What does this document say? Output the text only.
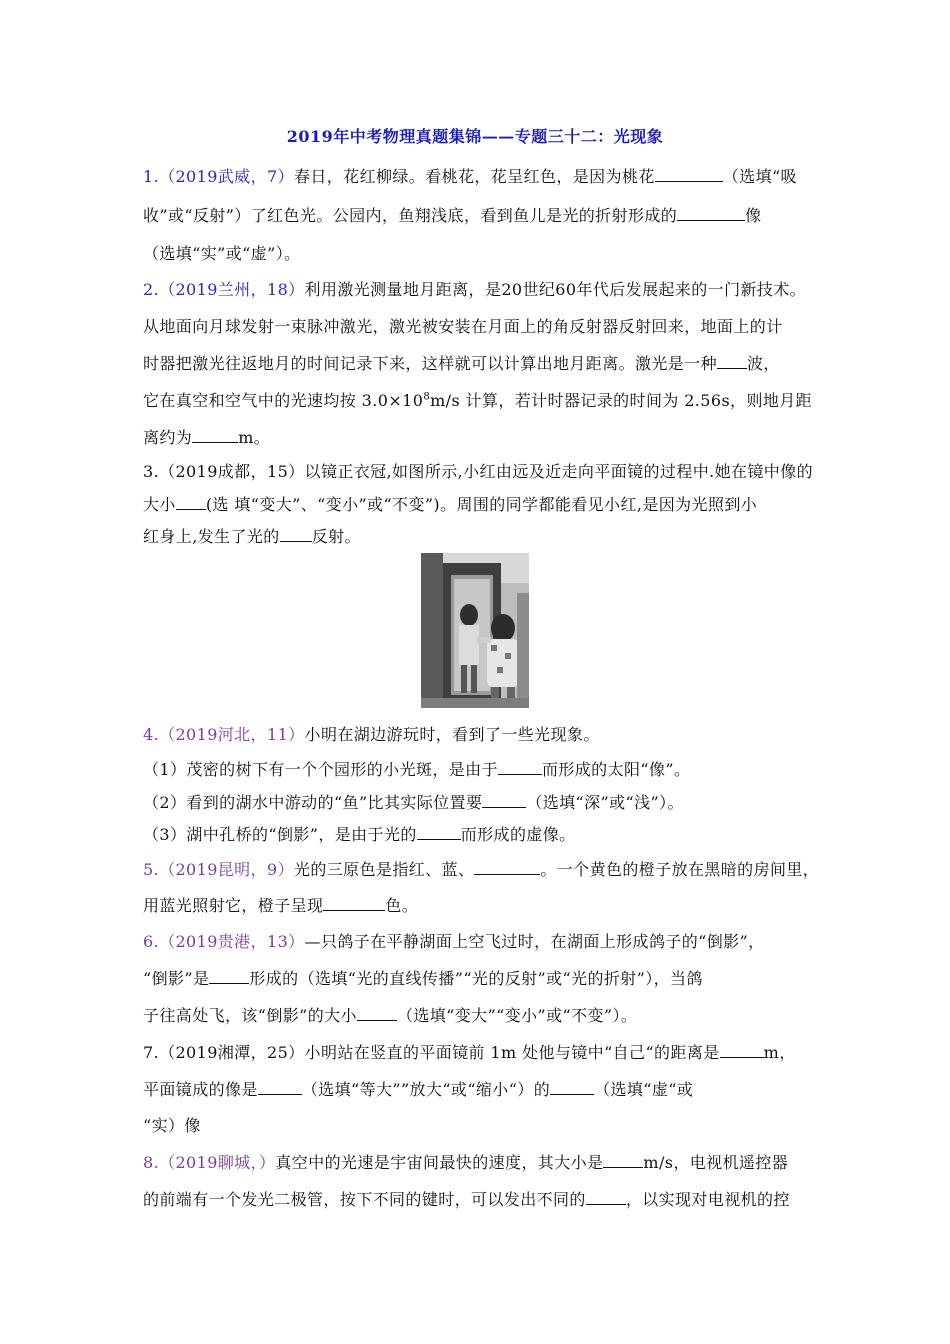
2019年中考物理真题集锦——专题三十二：光现象
1.（2019武威，7）春日，花红柳绿。看桃花，花呈红色，是因为桃花	（选填“吸
收”或“反射”）了红色光。公园内，鱼翔浅底，看到鱼儿是光的折射形成的	像
（选填“实”或“虚”）。
2.（2019兰州，18）利用激光测量地月距离，是20世纪60年代后发展起来的一门新技术。
从地面向月球发射一束脉冲激光，激光被安装在月面上的角反射器反射回来，地面上的计
时器把激光往返地月的时间记录下来，这样就可以计算出地月距离。激光是一种 波，
它在真空和空气中的光速均按 $3.0\times 10^8m/s$ 计算，若计时器记录的时间为 2.56s，则地月距
离约为	m。
3.（2019成都，15）以镜正衣冠,如图所示,小红由远及近走向平面镜的过程中.她在镜中像的
大小 (选 填“变大”、“变小”或“不变”)。周围的同学都能看见小红,是因为光照到小
红身上,发生了光的 反射。
4.（2019河北，11）小明在湖边游玩时，看到了一些光现象。
（1）茂密的树下有一个个园形的小光斑，是由于	而形成的太阳“像”。
（2）看到的湖水中游动的“鱼”比其实际位置要	（选填“深”或“浅”）。
（3）湖中孔桥的“倒影”，是由于光的	而形成的虚像。
5.（2019昆明，9）光的三原色是指红、蓝、	。一个黄色的橙子放在黑暗的房间里，
用蓝光照射它，橙子呈现	色。
6.（2019贵港，13）—只鸽子在平静湖面上空飞过时，在湖面上形成鸽子的“倒影”，
“倒影”是	形成的（选填“光的直线传播”“光的反射”或“光的折射”），当鸽
子往高处飞，该“倒影”的大小	（选填“变大”“变小”或“不变”）。
7.（2019湘潭，25）小明站在竖直的平面镜前 1m 处他与镜中“自己“的距离是	m，
平面镜成的像是	（选填“等大””放大“或“缩小“）的	（选填“虚“或
“实）像
8.（2019聊城，）真空中的光速是宇宙间最快的速度，其大小是	m/s，电视机遥控器
的前端有一个发光二极管，按下不同的键时，可以发出不同的	，以实现对电视机的控
